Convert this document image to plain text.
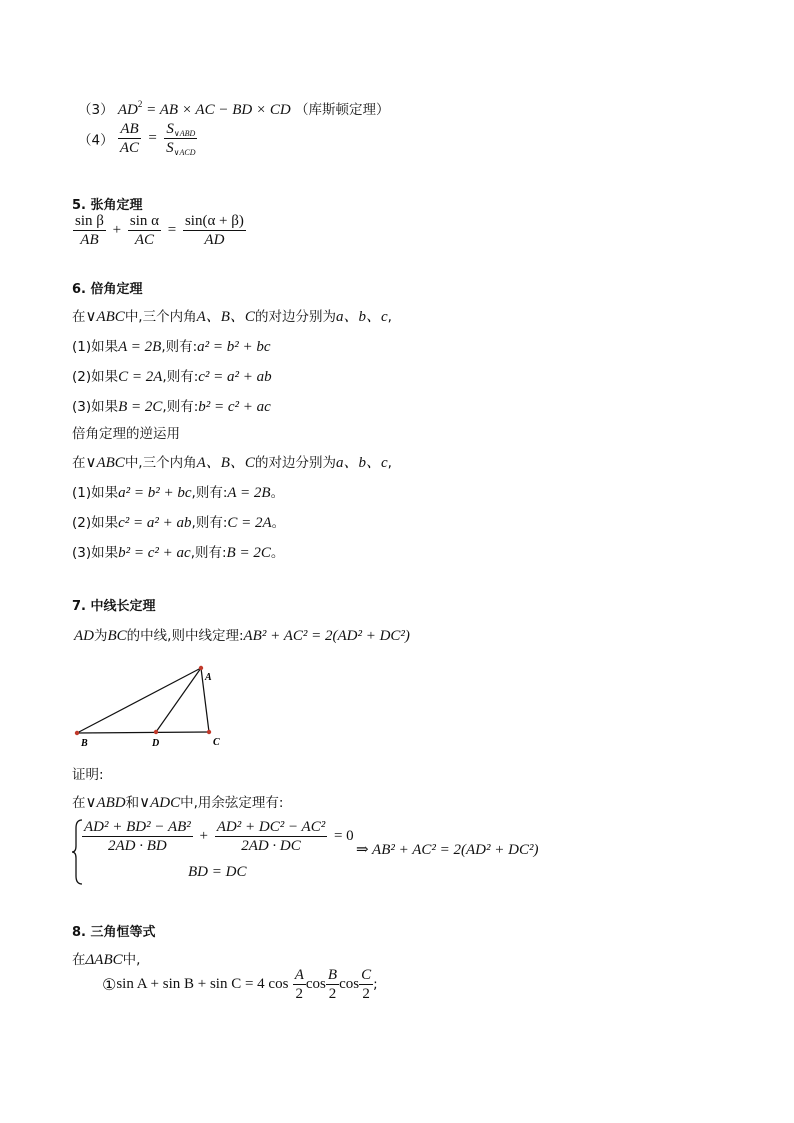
（3） $AD^2$ = AB × AC − BD × CD （库斯顿定理）
$(4) \frac{AB}{AC} = \frac{S_{\vee ABD}}{S_{\vee ACD}}$
5. 张角定理
$\frac{\text{sin β}}{AB} + \frac{\text{sin α}}{AC} = \frac{\sin(\alpha + \beta)}{AD}$
6. 倍角定理
在∨ABC中,三个内角A、B、C的对边分别为a、b、c,
(1)如果A = 2B,则有:a² = b² + bc
(2)如果C = 2A,则有:c² = a² + ab
(3)如果B = 2C,则有:b² = c² + ac
倍角定理的逆运用
在∨ABC中,三个内角A、B、C的对边分别为a、b、c,
(1)如果a² = b² + bc,则有:A = 2B。
(2)如果c² = a² + ab,则有:C = 2A。
(3)如果b² = c² + ac,则有:B = 2C。
7. 中线长定理
AD为BC的中线,则中线定理:AB² + AC² = 2(AD² + DC²)
A
B	D	C
证明:
在∨ABD和∨ADC中,用余弦定理有:
$\frac{\text{AD² + BD² − AB²}}{2AD \cdot BD} + \frac{\text{AD² + DC² − AC²}}{2AD \cdot DC} = 0$
⇒ AB² + AC² = 2(AD² + DC²)
BD = DC
8. 三角恒等式
在ΔABC中,
①sin A + sin B + sin C = 4 $\cos \frac{A}{2}$ $\cos \frac{B}{2}$ $\cos \frac{C}{2}$ ;
